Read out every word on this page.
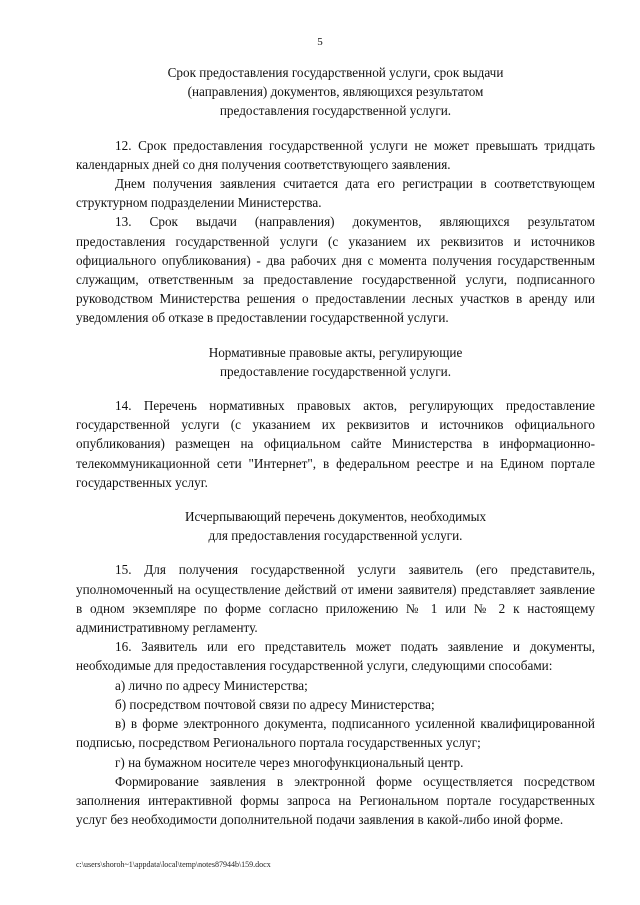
5
Срок предоставления государственной услуги, срок выдачи
(направления) документов, являющихся результатом
предоставления государственной услуги.
12. Срок предоставления государственной услуги не может превышать тридцать календарных дней со дня получения соответствующего заявления.
Днем получения заявления считается дата его регистрации в соответствующем структурном подразделении Министерства.
13. Срок выдачи (направления) документов, являющихся результатом предоставления государственной услуги (с указанием их реквизитов и источников официального опубликования) - два рабочих дня с момента получения государственным служащим, ответственным за предоставление государственной услуги, подписанного руководством Министерства решения о предоставлении лесных участков в аренду или уведомления об отказе в предоставлении государственной услуги.
Нормативные правовые акты, регулирующие
предоставление государственной услуги.
14. Перечень нормативных правовых актов, регулирующих предоставление государственной услуги (с указанием их реквизитов и источников официального опубликования) размещен на официальном сайте Министерства в информационно-телекоммуникационной сети "Интернет", в федеральном реестре и на Едином портале государственных услуг.
Исчерпывающий перечень документов, необходимых
для предоставления государственной услуги.
15. Для получения государственной услуги заявитель (его представитель, уполномоченный на осуществление действий от имени заявителя) представляет заявление в одном экземпляре по форме согласно приложению № 1 или № 2 к настоящему административному регламенту.
16. Заявитель или его представитель может подать заявление и документы, необходимые для предоставления государственной услуги, следующими способами:
а) лично по адресу Министерства;
б) посредством почтовой связи по адресу Министерства;
в) в форме электронного документа, подписанного усиленной квалифицированной подписью, посредством Регионального портала государственных услуг;
г) на бумажном носителе через многофункциональный центр.
Формирование заявления в электронной форме осуществляется посредством заполнения интерактивной формы запроса на Региональном портале государственных услуг без необходимости дополнительной подачи заявления в какой-либо иной форме.
c:\users\shoroh~1\appdata\local\temp\notes87944b\159.docx
